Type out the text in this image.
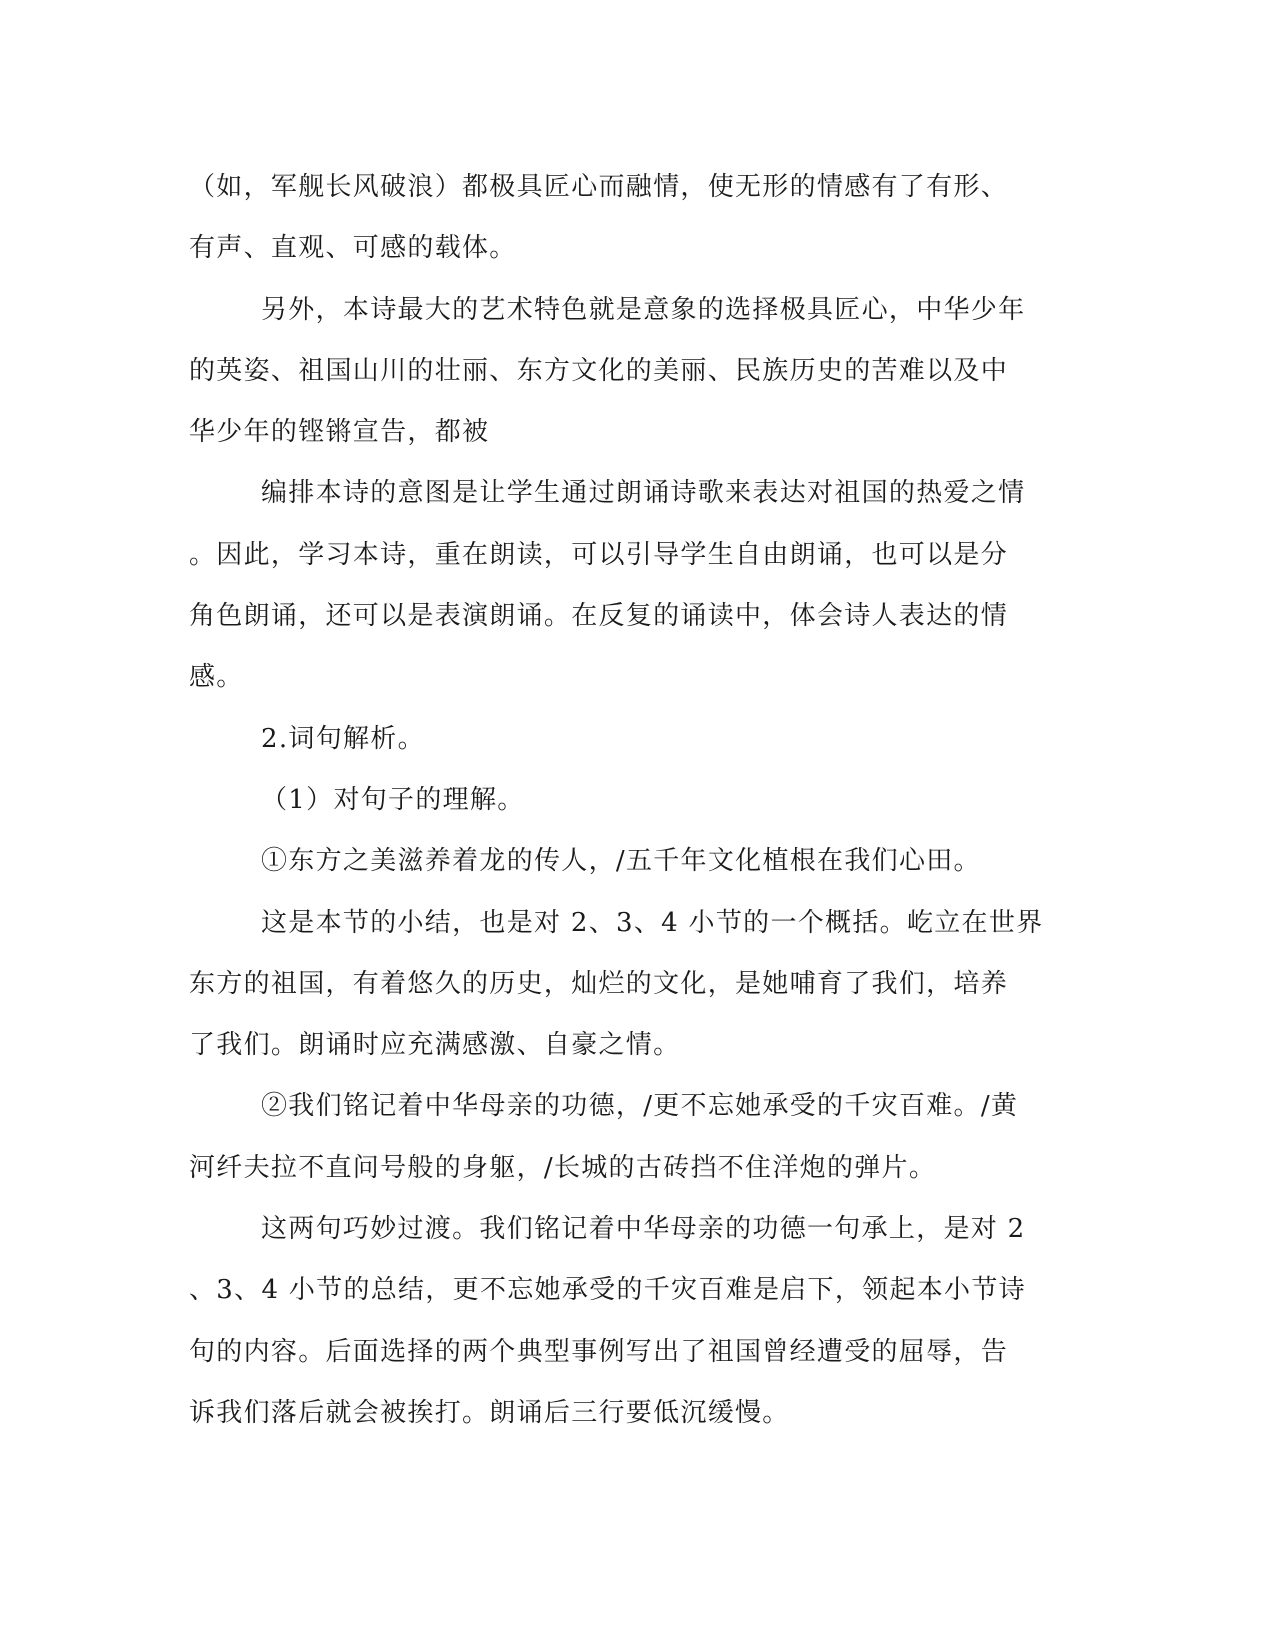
（如，军舰长风破浪）都极具匠心而融情，使无形的情感有了有形、
有声、直观、可感的载体。
另外，本诗最大的艺术特色就是意象的选择极具匠心，中华少年
的英姿、祖国山川的壮丽、东方文化的美丽、民族历史的苦难以及中
华少年的铿锵宣告，都被
编排本诗的意图是让学生通过朗诵诗歌来表达对祖国的热爱之情
。因此，学习本诗，重在朗读，可以引导学生自由朗诵，也可以是分
角色朗诵，还可以是表演朗诵。在反复的诵读中，体会诗人表达的情
感。
2.词句解析。
（1）对句子的理解。
①东方之美滋养着龙的传人，/五千年文化植根在我们心田。
这是本节的小结，也是对 2、3、4 小节的一个概括。屹立在世界
东方的祖国，有着悠久的历史，灿烂的文化，是她哺育了我们，培养
了我们。朗诵时应充满感激、自豪之情。
②我们铭记着中华母亲的功德，/更不忘她承受的千灾百难。/黄
河纤夫拉不直问号般的身躯，/长城的古砖挡不住洋炮的弹片。
这两句巧妙过渡。我们铭记着中华母亲的功德一句承上，是对 2
、3、4 小节的总结，更不忘她承受的千灾百难是启下，领起本小节诗
句的内容。后面选择的两个典型事例写出了祖国曾经遭受的屈辱，告
诉我们落后就会被挨打。朗诵后三行要低沉缓慢。
